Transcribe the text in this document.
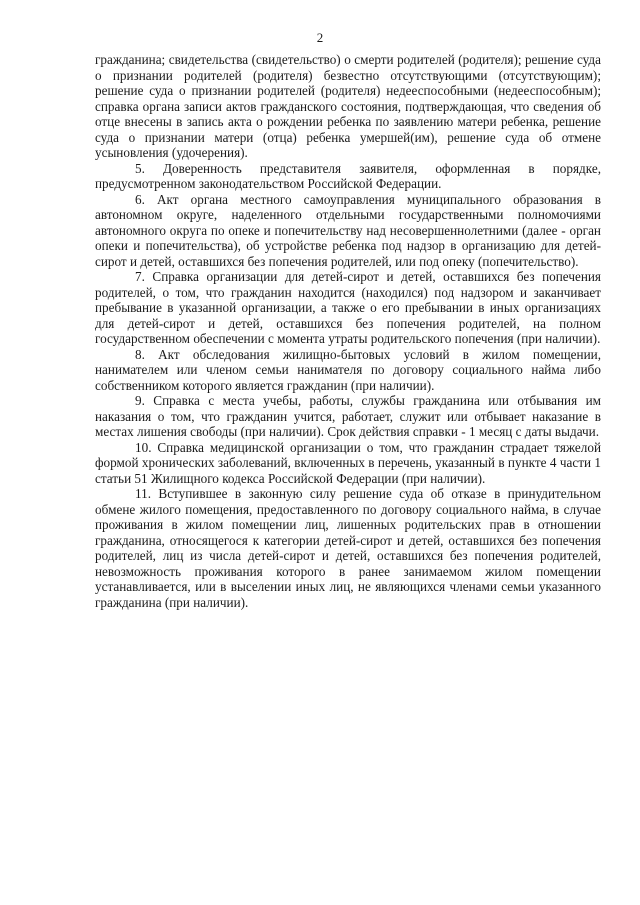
2

гражданина; свидетельства (свидетельство) о смерти родителей (родителя); решение суда о признании родителей (родителя) безвестно отсутствующими (отсутствующим); решение суда о признании родителей (родителя) недееспособными (недееспособным); справка органа записи актов гражданского состояния, подтверждающая, что сведения об отце внесены в запись акта о рождении ребенка по заявлению матери ребенка, решение суда о признании матери (отца) ребенка умершей(им), решение суда об отмене усыновления (удочерения).

5. Доверенность представителя заявителя, оформленная в порядке, предусмотренном законодательством Российской Федерации.

6. Акт органа местного самоуправления муниципального образования в автономном округе, наделенного отдельными государственными полномочиями автономного округа по опеке и попечительству над несовершеннолетними (далее - орган опеки и попечительства), об устройстве ребенка под надзор в организацию для детей-сирот и детей, оставшихся без попечения родителей, или под опеку (попечительство).

7. Справка организации для детей-сирот и детей, оставшихся без попечения родителей, о том, что гражданин находится (находился) под надзором и заканчивает пребывание в указанной организации, а также о его пребывании в иных организациях для детей-сирот и детей, оставшихся без попечения родителей, на полном государственном обеспечении с момента утраты родительского попечения (при наличии).

8. Акт обследования жилищно-бытовых условий в жилом помещении, нанимателем или членом семьи нанимателя по договору социального найма либо собственником которого является гражданин (при наличии).

9. Справка с места учебы, работы, службы гражданина или отбывания им наказания о том, что гражданин учится, работает, служит или отбывает наказание в местах лишения свободы (при наличии). Срок действия справки - 1 месяц с даты выдачи.

10. Справка медицинской организации о том, что гражданин страдает тяжелой формой хронических заболеваний, включенных в перечень, указанный в пункте 4 части 1 статьи 51 Жилищного кодекса Российской Федерации (при наличии).

11. Вступившее в законную силу решение суда об отказе в принудительном обмене жилого помещения, предоставленного по договору социального найма, в случае проживания в жилом помещении лиц, лишенных родительских прав в отношении гражданина, относящегося к категории детей-сирот и детей, оставшихся без попечения родителей, лиц из числа детей-сирот и детей, оставшихся без попечения родителей, невозможность проживания которого в ранее занимаемом жилом помещении устанавливается, или в выселении иных лиц, не являющихся членами семьи указанного гражданина (при наличии).
